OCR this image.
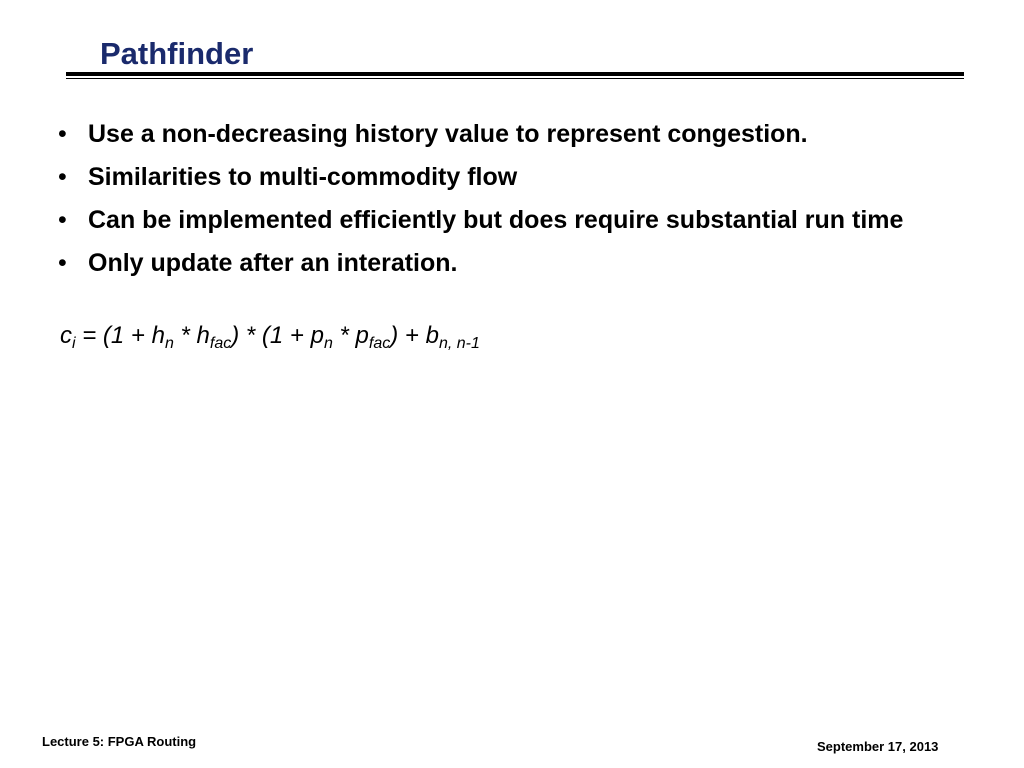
Pathfinder
• Use a non-decreasing history value to represent congestion.
• Similarities to multi-commodity flow
• Can be implemented efficiently but does require substantial run time
• Only update after an interation.
$c_i = (1 + h_n * h_{fac}) * (1 + p_n * p_{fac}) + b_{n, n-1}$
Lecture 5: FPGA Routing	September 17, 2013
